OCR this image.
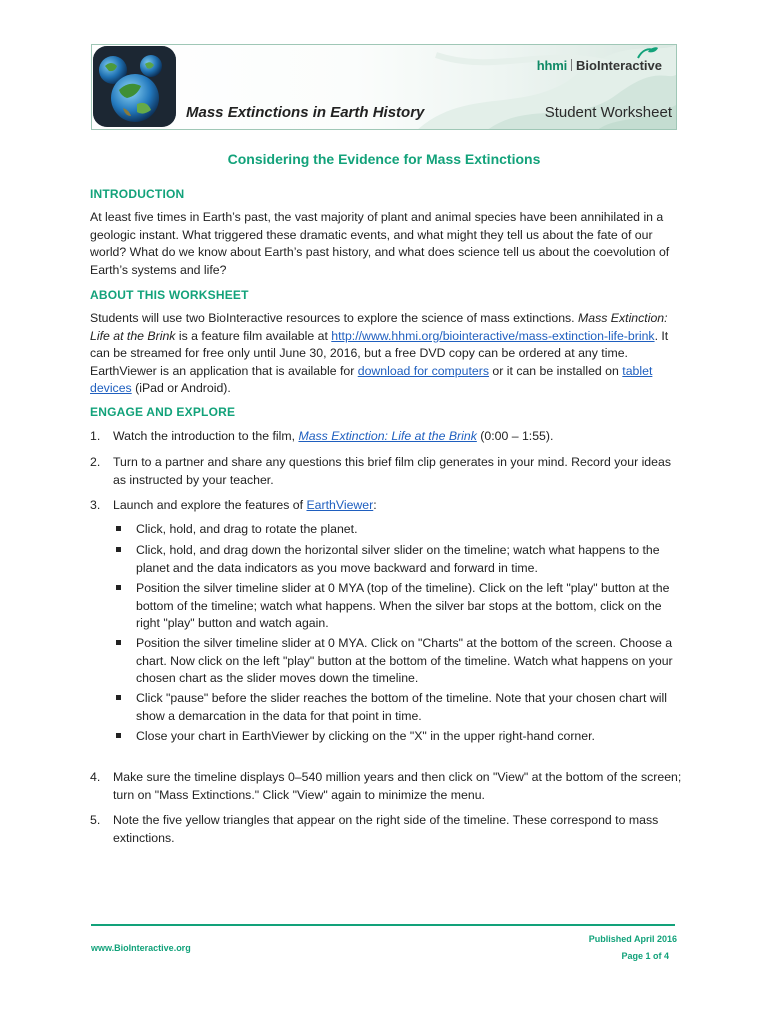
hhmi BioInteractive
Mass Extinctions in Earth History	Student Worksheet
Considering the Evidence for Mass Extinctions
INTRODUCTION
At least five times in Earth’s past, the vast majority of plant and animal species have been annihilated in a geologic instant. What triggered these dramatic events, and what might they tell us about the fate of our world? What do we know about Earth’s past history, and what does science tell us about the coevolution of Earth’s systems and life?
ABOUT THIS WORKSHEET
Students will use two BioInteractive resources to explore the science of mass extinctions. Mass Extinction: Life at the Brink is a feature film available at http://www.hhmi.org/biointeractive/mass-extinction-life-brink. It can be streamed for free only until June 30, 2016, but a free DVD copy can be ordered at any time. EarthViewer is an application that is available for download for computers or it can be installed on tablet devices (iPad or Android).
ENGAGE AND EXPLORE
1. Watch the introduction to the film, Mass Extinction: Life at the Brink (0:00 – 1:55).
2. Turn to a partner and share any questions this brief film clip generates in your mind. Record your ideas as instructed by your teacher.
3. Launch and explore the features of EarthViewer:
Click, hold, and drag to rotate the planet.
Click, hold, and drag down the horizontal silver slider on the timeline; watch what happens to the planet and the data indicators as you move backward and forward in time.
Position the silver timeline slider at 0 MYA (top of the timeline). Click on the left "play" button at the bottom of the timeline; watch what happens. When the silver bar stops at the bottom, click on the right "play" button and watch again.
Position the silver timeline slider at 0 MYA. Click on "Charts" at the bottom of the screen. Choose a chart. Now click on the left "play" button at the bottom of the timeline. Watch what happens on your chosen chart as the slider moves down the timeline.
Click "pause" before the slider reaches the bottom of the timeline. Note that your chosen chart will show a demarcation in the data for that point in time.
Close your chart in EarthViewer by clicking on the "X" in the upper right-hand corner.
4. Make sure the timeline displays 0–540 million years and then click on "View" at the bottom of the screen; turn on "Mass Extinctions." Click "View" again to minimize the menu.
5. Note the five yellow triangles that appear on the right side of the timeline. These correspond to mass extinctions.
www.BioInteractive.org
Published April 2016
Page 1 of 4
